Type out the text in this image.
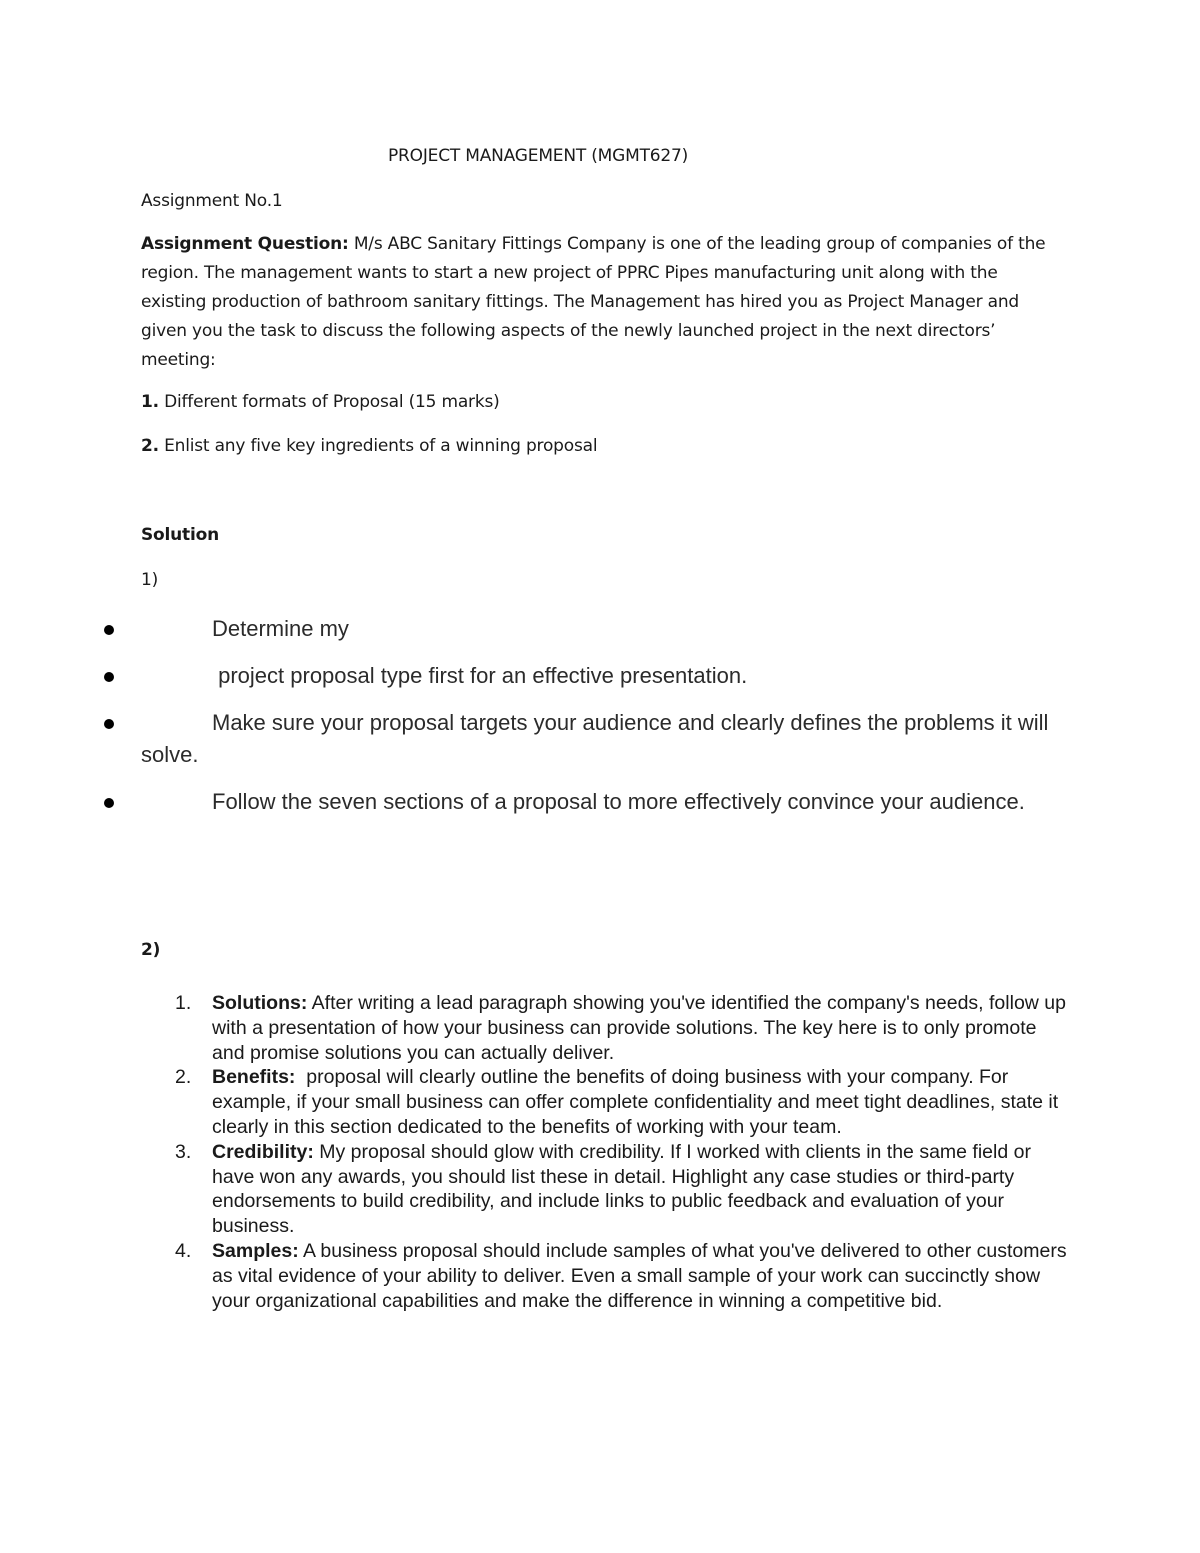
PROJECT MANAGEMENT (MGMT627)
Assignment No.1
Assignment Question: M/s ABC Sanitary Fittings Company is one of the leading group of companies of the region. The management wants to start a new project of PPRC Pipes manufacturing unit along with the existing production of bathroom sanitary fittings. The Management has hired you as Project Manager and given you the task to discuss the following aspects of the newly launched project in the next directors’ meeting:
1. Different formats of Proposal (15 marks)
2. Enlist any five key ingredients of a winning proposal
Solution
1)
Determine my
project proposal type first for an effective presentation.
Make sure your proposal targets your audience and clearly defines the problems it will solve.
Follow the seven sections of a proposal to more effectively convince your audience.
2)
1. Solutions: After writing a lead paragraph showing you've identified the company's needs, follow up with a presentation of how your business can provide solutions. The key here is to only promote and promise solutions you can actually deliver.
2. Benefits:  proposal will clearly outline the benefits of doing business with your company. For example, if your small business can offer complete confidentiality and meet tight deadlines, state it clearly in this section dedicated to the benefits of working with your team.
3. Credibility: My proposal should glow with credibility. If I worked with clients in the same field or have won any awards, you should list these in detail. Highlight any case studies or third-party endorsements to build credibility, and include links to public feedback and evaluation of your business.
4. Samples: A business proposal should include samples of what you've delivered to other customers as vital evidence of your ability to deliver. Even a small sample of your work can succinctly show your organizational capabilities and make the difference in winning a competitive bid.
